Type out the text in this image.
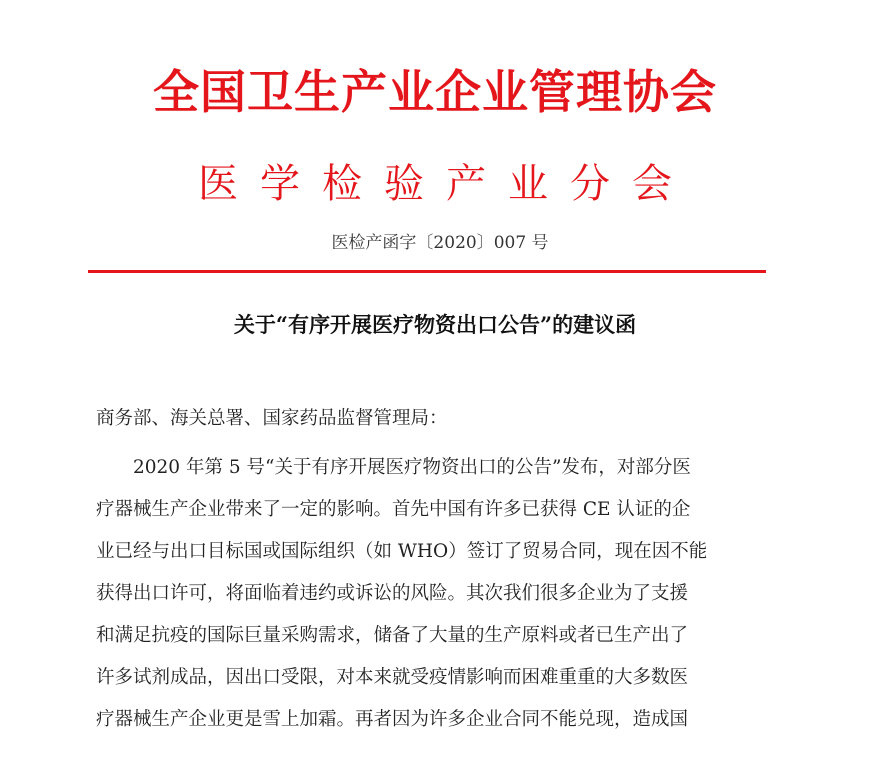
全国卫生产业企业管理协会
医学检验产业分会
医检产函字〔2020〕007 号
关于“有序开展医疗物资出口公告”的建议函
商务部、海关总署、国家药品监督管理局：
2020 年第 5 号“关于有序开展医疗物资出口的公告”发布，对部分医
疗器械生产企业带来了一定的影响。首先中国有许多已获得 CE 认证的企
业已经与出口目标国或国际组织（如 WHO）签订了贸易合同，现在因不能
获得出口许可，将面临着违约或诉讼的风险。其次我们很多企业为了支援
和满足抗疫的国际巨量采购需求，储备了大量的生产原料或者已生产出了
许多试剂成品，因出口受限，对本来就受疫情影响而困难重重的大多数医
疗器械生产企业更是雪上加霜。再者因为许多企业合同不能兑现，造成国
